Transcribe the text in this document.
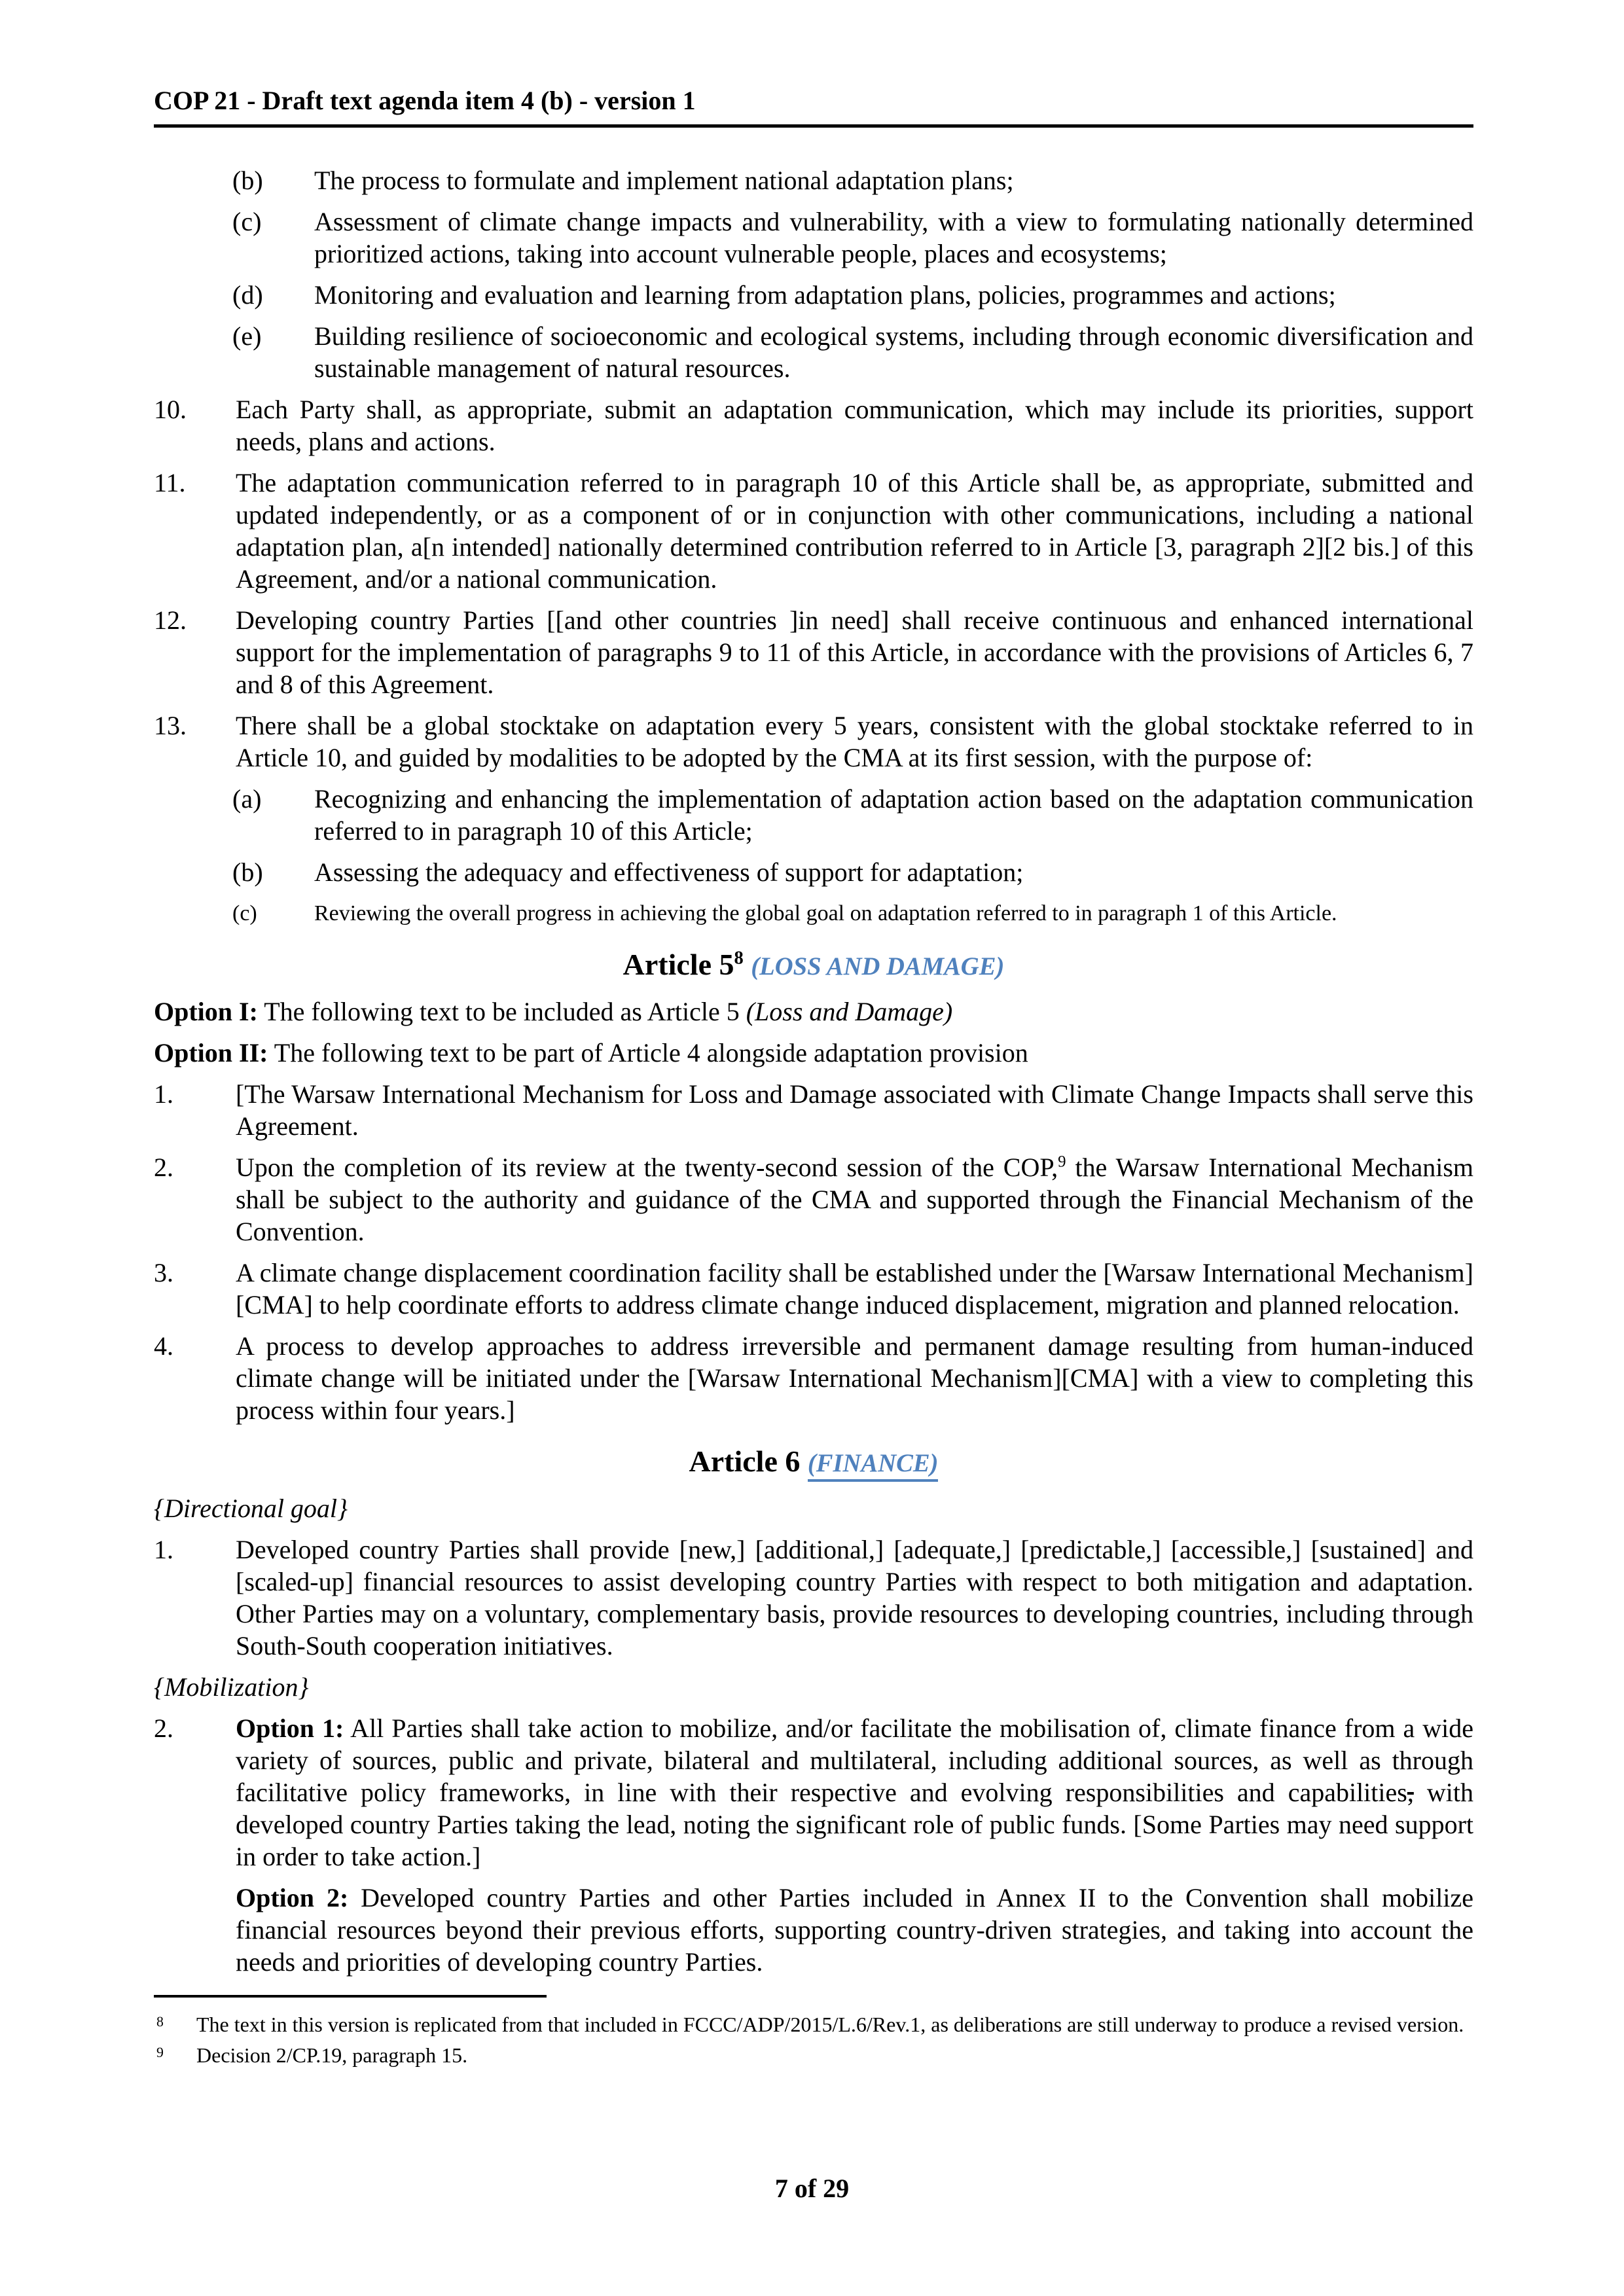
COP 21 - Draft text agenda item 4 (b) - version 1
(b) The process to formulate and implement national adaptation plans;
(c) Assessment of climate change impacts and vulnerability, with a view to formulating nationally determined prioritized actions, taking into account vulnerable people, places and ecosystems;
(d) Monitoring and evaluation and learning from adaptation plans, policies, programmes and actions;
(e) Building resilience of socioeconomic and ecological systems, including through economic diversification and sustainable management of natural resources.
10. Each Party shall, as appropriate, submit an adaptation communication, which may include its priorities, support needs, plans and actions.
11. The adaptation communication referred to in paragraph 10 of this Article shall be, as appropriate, submitted and updated independently, or as a component of or in conjunction with other communications, including a national adaptation plan, a[n intended] nationally determined contribution referred to in Article [3, paragraph 2][2 bis.] of this Agreement, and/or a national communication.
12. Developing country Parties [[and other countries ]in need] shall receive continuous and enhanced international support for the implementation of paragraphs 9 to 11 of this Article, in accordance with the provisions of Articles 6, 7 and 8 of this Agreement.
13. There shall be a global stocktake on adaptation every 5 years, consistent with the global stocktake referred to in Article 10, and guided by modalities to be adopted by the CMA at its first session, with the purpose of:
(a) Recognizing and enhancing the implementation of adaptation action based on the adaptation communication referred to in paragraph 10 of this Article;
(b) Assessing the adequacy and effectiveness of support for adaptation;
(c)	Reviewing the overall progress in achieving the global goal on adaptation referred to in paragraph 1 of this Article.
Article $5^8$ (LOSS AND DAMAGE)
Option I: The following text to be included as Article 5 (Loss and Damage)
Option II: The following text to be part of Article 4 alongside adaptation provision
1. [The Warsaw International Mechanism for Loss and Damage associated with Climate Change Impacts shall serve this Agreement.
2. Upon the completion of its review at the twenty-second session of the COP,$^9$ the Warsaw International Mechanism shall be subject to the authority and guidance of the CMA and supported through the Financial Mechanism of the Convention.
3. A climate change displacement coordination facility shall be established under the [Warsaw International Mechanism][CMA] to help coordinate efforts to address climate change induced displacement, migration and planned relocation.
4. A process to develop approaches to address irreversible and permanent damage resulting from human-induced climate change will be initiated under the [Warsaw International Mechanism][CMA] with a view to completing this process within four years.]
Article 6 (FINANCE)
{Directional goal}
1. Developed country Parties shall provide [new,] [additional,] [adequate,] [predictable,] [accessible,] [sustained] and [scaled-up] financial resources to assist developing country Parties with respect to both mitigation and adaptation. Other Parties may on a voluntary, complementary basis, provide resources to developing countries, including through South-South cooperation initiatives.
{Mobilization}
2. Option 1: All Parties shall take action to mobilize, and/or facilitate the mobilisation of, climate finance from a wide variety of sources, public and private, bilateral and multilateral, including additional sources, as well as through facilitative policy frameworks, in line with their respective and evolving responsibilities and capabilities, with developed country Parties taking the lead, noting the significant role of public funds. [Some Parties may need support in order to take action.]
Option 2: Developed country Parties and other Parties included in Annex II to the Convention shall mobilize financial resources beyond their previous efforts, supporting country-driven strategies, and taking into account the needs and priorities of developing country Parties.
8 The text in this version is replicated from that included in FCCC/ADP/2015/L.6/Rev.1, as deliberations are still underway to produce a revised version.
9 Decision 2/CP.19, paragraph 15.
7 of 29
